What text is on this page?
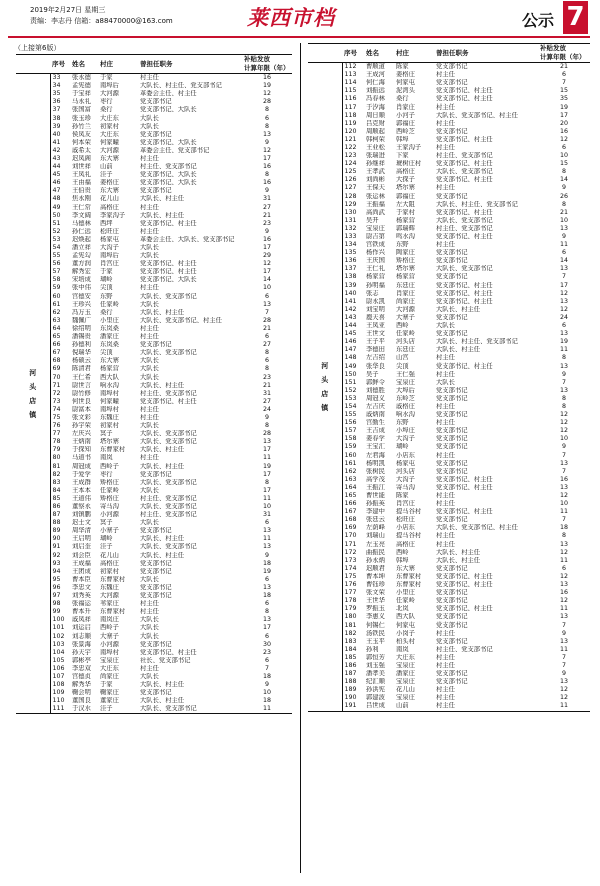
2019年2月27日 星期三
责编：李志丹 信箱：a88470000@163.com	莱西市档	公示 7
（上接第6版）
	序号	姓名	村庄	曾担任职务	补贴发放
计算年限（年）
河头店镇	33	张永德	于家	村主任	16
	34	孟宪德	南埠后	大队长、村主任、党支部书记	19
	35	于宝祥	大河源	革委会主任、村主任	12
	36	马永礼	枣行	党支部书记	28
	37	张国富	桑行	党支部书记、大队长	8
	38	张玉珍	大庄东	大队长	6
	39	孙竹兰	初家村	大队长	8
	40	侯凤友	大庄东	党支部书记	13
	41	何本荣	何家疃	党支部书记、大队长	9
	42	戚希太	大河源	革委会主任、党支部书记	12
	43	迟凤阁	东大寨	村主任	17
	44	刘世祥	山前	村主任、党支部书记	16
	45	王凤礼	洼子	党支部书记、大队长	8
	46	王由福	姜格庄	党支部书记、大队长	16
	47	王伯贵	东大寨	党支部书记	9
	48	焦永刚	花儿山	大队长、村主任	31
	49	王仁常	高格庄	村主任	27
	50	李文阔	李家沟子	大队长、村主任	21
	51	马德林	西坪	党支部书记、村主任	23
	52	孙仁远	松旺庄	村主任	9
	53	迟焕起	杨家屯	革委会主任、大队长、党支部书记	16
	54	潘立祥	大沟子	大队长	17
	55	孟宪勾	南埠后	大队长	29
	56	董方润	肖宫庄	党支部书记、村主任	12
	57	解秀宏	于家	党支部书记、村主任	17
	58	宋培成	瑚岭	党支部书记、大队长	14
	59	张中伟	尖顶	村主任	10
	60	宫德安	东野	大队长、党支部书记	6
	61	王珍兴	任家岭	大队长	13
	62	冯万玉	桑行	大队长、村主任	7
	63	魏佩广	小里庄	大队长、党支部书记、村主任	28
	64	徐绍明	东岚桑	村主任	21
	65	潘锡贵	潘家庄	村主任	6
	66	孙德利	东岚桑	党支部书记	27
	67	倪瑞华	尖顶	大队长、党支部书记	8
	68	杨硕云	东大寨	大队长	6
	69	陈清君	杨家营	大队长	8
	70	王仁希	西大队	大队长	23
	71	尉世言	响水沟	大队长、村主任	21
	72	尉竹修	南埠村	村主任、党支部书记	31
	73	何世良	何家疃	党支部书记、村主任	27
	74	尉富本	南埠村	村主任	24
	75	张文彩	东魏庄	村主任	9
	76	孙宇荣	初家村	大队长	8
	77	左庆兴	冥子	大队长、党支部书记	28
	78	王炳南	塔尔寨	大队长、党支部书记	13
	79	于探知	东曹家村	大队长、村主任	17
	80	马道书	南岚	村主任	11
	81	周冠成	西岭子	大队长、村主任	19
	82	于爱学	枣行	党支部书记	17
	83	王成群	矫格庄	大队长、党支部书记	8
	84	王本本	任家岭	大队长	17
	85	王道伟	矫格庄	村主任、党支部书记	11
	86	董察永	寄马沟	大队长、党支部书记	10
	87	刘镇鹏	小河源	村主任、党支部书记	31
	88	迟士文	冥子	大队长	6
	89	周华清	小寨子	党支部书记	13
	90	王启明	瑚岭	大队长、村主任	11
	91	刘启奎	洼子	大队长、党支部书记	13
	92	刘会臣	花儿山	大队长、村主任	9
	93	王成福	高格庄	党支部书记	18
	94	王团成	初家村	党支部书记	19
	95	曹本臣	东曹家村	大队长	6
	96	李忠文	东魏庄	党支部书记	13
	97	刘秀英	大河源	党支部书记	18
	98	张福运	苇家庄	村主任	6
	99	曹本升	东曹家村	村主任	8
	100	戚凤祥	南岚庄	大队长	13
	101	刘运启	西岭子	大队长	17
	102	刘志顺	大寨子	大队长	6
	103	张景海	小河源	党支部书记	30
	104	孙天宇	南埠村	党支部书记、村主任	23
	105	郭彬亭	宝泉庄	社长、党支部书记	6
	106	李忠双	大庄东	村主任	7
	107	宫德贞	尚家庄	大队长	18
	108	解秀华	于家	大队长、村主任	9
	109	鞠会明	鞠家庄	党支部书记	10
	110	董国良	董家庄	大队长、村主任	18
	111	于汉水	洼子	大队长、党支部书记	11
	序号	姓名	村庄	曾担任职务	补贴发放
计算年限（年）
河头店镇	112	曹顺道	陈家	党支部书记	21
	113	王成河	姜格庄	村主任	6
	114	何仁海	何家屯	党支部书记	7
	115	刘振远	泥湾头	党支部书记、村主任	15
	116	冯春林	桑行	党支部书记、村主任	35
	117	于汐海	肖家庄	村主任	19
	118	周日顺	小河子	大队长、党支部书记、村主任	17
	119	吕克财	郭福庄	村主任	20
	120	周顺起	西岭芝	党支部书记	16
	121	韩柯荣	韩埠	党支部书记、村主任	12
	122	王业松	王家沟子	村主任	6
	123	张瑞进	下家	村主任、党支部书记	10
	124	孙继祥	琥树庄村	党支部书记、村主任	15
	125	王孝武	高格庄	大队长、党支部书记	8
	126	刘尚彬	大探子	党支部书记、村主任	14
	127	王保天	塔尔寨	村主任	9
	128	张运林	郭福庄	党支部书记	26
	129	王振福	左大阻	大队长、村主任、党支部书记	8
	130	高尚武	于家村	党支部书记、村主任	21
	131	吴开	杨家营	大队长、党支部书记	10
	132	宝泉庄	郭瑞辉	村主任、党支部书记	13
	133	尉吉第	鸣水沟	党支部书记、村主任	9
	134	宫铁成	东野	村主任	11
	135	杨作兴	陶家庄	党支部书记	6
	136	王庆国	矫格庄	党支部书记	14
	137	王仁礼	塔尔寨	大队长、党支部书记	13
	138	杨家营	杨家营	党支部书记	7
	139	孙明福	东廷庄	党支部书记、村主任	17
	140	张志	肖家庄	党支部书记、村主任	12
	141	尉永凯	尚家庄	党支部书记、村主任	13
	142	刘宝明	大河源	大队长、村主任	12
	143	鹿天喜	大寨子	党支部书记	24
	144	王凤亚	西岭	大队长	6
	145	王世文	任家岭	党支部书记	13
	146	王子平	河头店	大队长、村主任、党支部书记	19
	147	李德田	东廷庄	大队长、村主任	11
	148	左吉绍	山宫	村主任	8
	149	张华良	尖顶	党支部书记、村主任	13
	150	吴子	王仁强	村主任	9
	151	郭鲜令	宝泉庄	大队长	7
	152	刘德胜	大埠后	党支部书记	13
	153	周冠义	东岭芝	党支部书记	8
	154	左吉庆	戚格庄	村主任	8
	155	戚炳南	响水沟	党支部书记	12
	156	宫勤生	东野	村主任	12
	157	王吉成	小埠庄	党支部书记	12
	158	姜春学	大沟子	党支部书记	10
	159	王宝汇	瑚岭	党支部书记	9
	160	左君海	小店东	村主任	7
	161	杨明凯	杨家屯	党支部书记	13
	162	张树民	河头店	党支部书记	7
	163	高学茂	大沟子	党支部书记、村主任	16
	164	王振江	寄马沟	党支部书记、村主任	13
	165	曹世能	陈家	村主任	12
	166	孙振英	肖宫庄	村主任	10
	167	李建中	提马谷村	党支部书记、村主任	11
	168	张廷云	松旺庄	党支部书记	7
	169	左荫峰	小店东	大队长、党支部书记、村主任	18
	170	刘瑞山	提马谷村	村主任	8
	171	左玉亮	高格庄	村主任	13
	172	曲振民	西岭	大队长、村主任	12
	173	孙永炳	韩埠	大队长、村主任	11
	174	迟顺君	东大寨	党支部书记	6
	175	曹本坤	东曹家村	党支部书记、村主任	12
	176	曹钰珍	东曹家村	党支部书记、村主任	13
	177	张文荣	小里庄	党支部书记	16
	178	王世华	任家岭	党支部书记	12
	179	罗振玉	北岚	党支部书记、村主任	11
	180	李惠义	西大队	党支部书记	13
	181	何锡仁	何家屯	党支部书记	7
	182	汤铁民	小岗子	村主任	9
	183	王玉平	柏头村	党支部书记	13
	184	孙利	南岚	村主任、党支部书记	11
	185	郭恒芳	大庄东	村主任	7
	186	刘玉强	宝泉庄	村主任	7
	187	潘孝美	潘家庄	党支部书记	9
	188	纪汇顺	宝泉庄	党支部书记	13
	189	孙洪宪	花儿山	村主任	12
	190	郭建波	宝泉庄	村主任	12
	191	吕世成	山前	村主任	11
